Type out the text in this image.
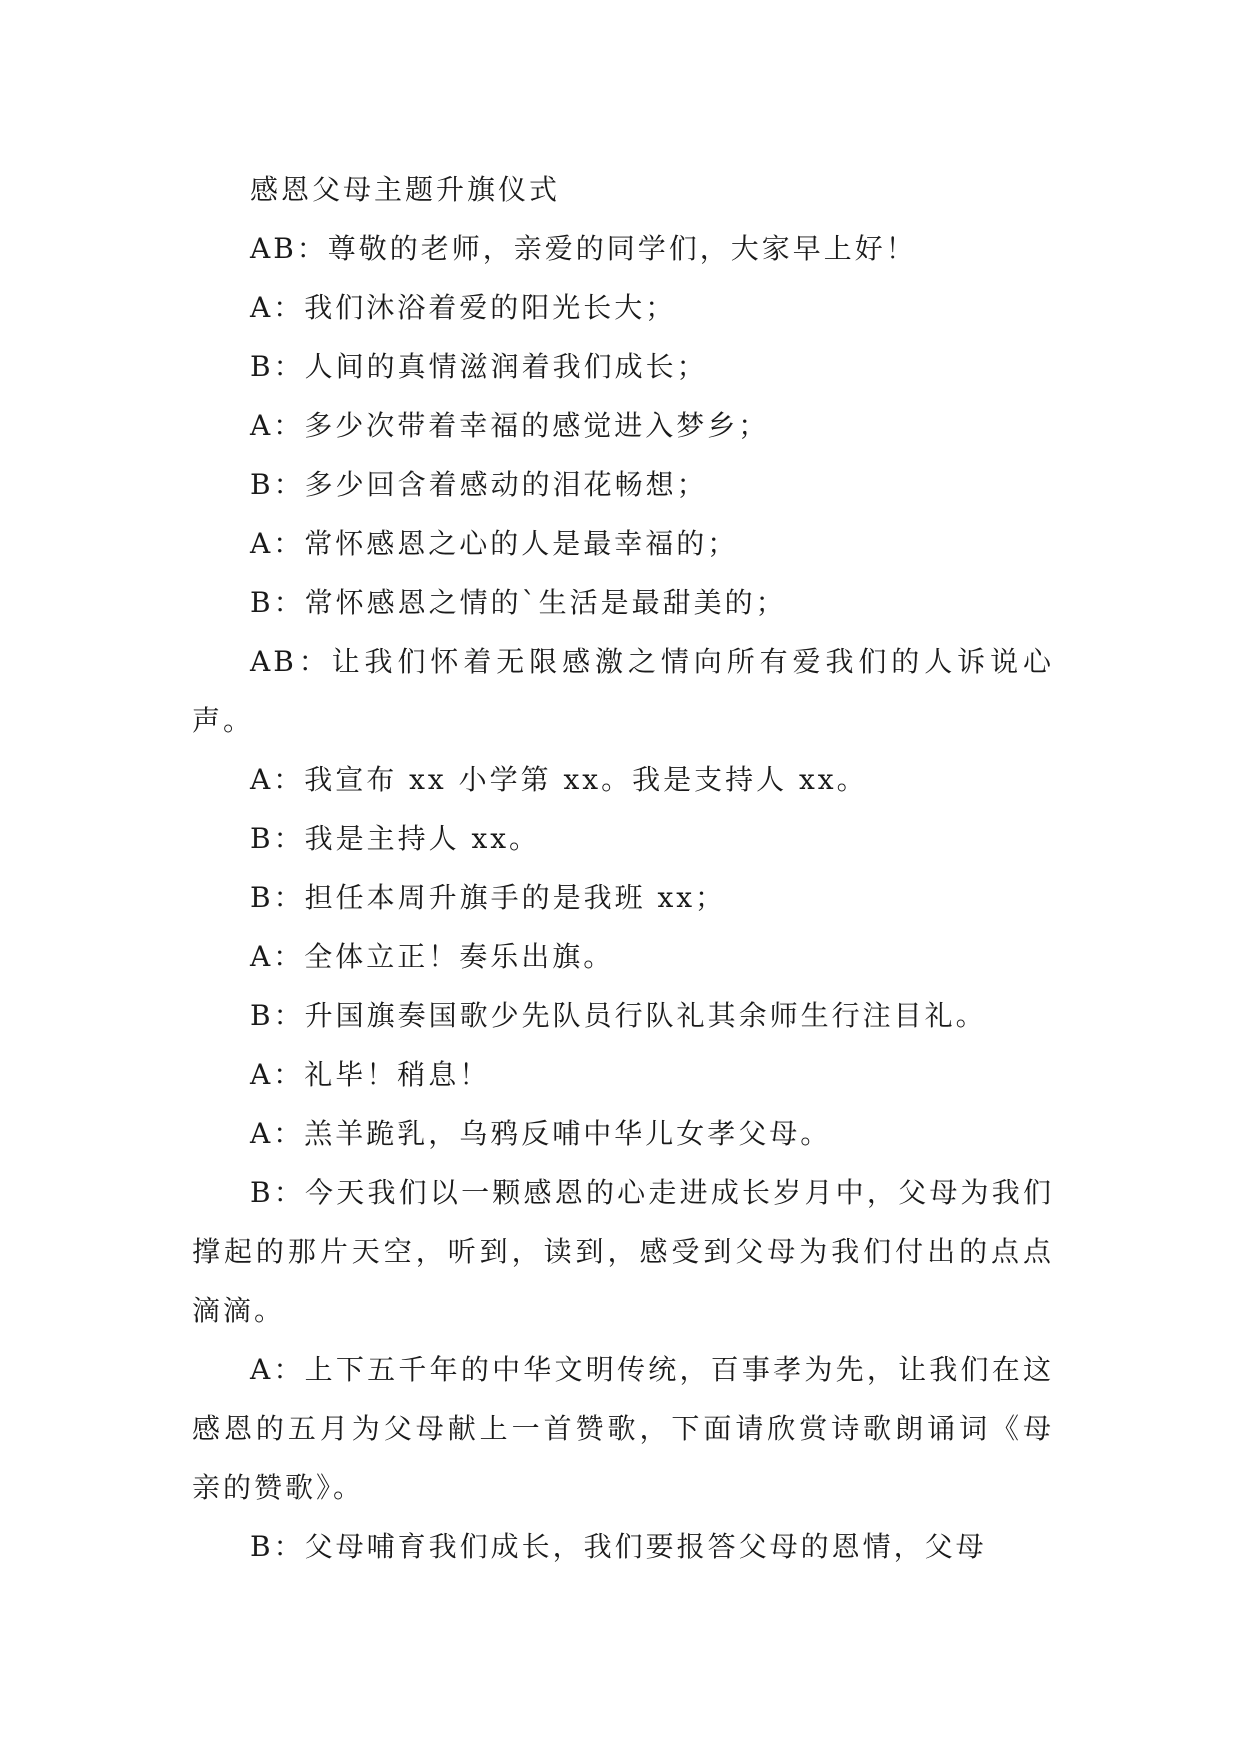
感恩父母主题升旗仪式

AB：尊敬的老师，亲爱的同学们，大家早上好！

A：我们沐浴着爱的阳光长大；

B：人间的真情滋润着我们成长；

A：多少次带着幸福的感觉进入梦乡；

B：多少回含着感动的泪花畅想；

A：常怀感恩之心的人是最幸福的；

B：常怀感恩之情的`生活是最甜美的；

AB：让我们怀着无限感激之情向所有爱我们的人诉说心声。

A：我宣布 xx 小学第 xx。我是支持人 xx。

B：我是主持人 xx。

B：担任本周升旗手的是我班 xx；

A：全体立正！奏乐出旗。

B：升国旗奏国歌少先队员行队礼其余师生行注目礼。

A：礼毕！稍息！

A：羔羊跪乳，乌鸦反哺中华儿女孝父母。

B：今天我们以一颗感恩的心走进成长岁月中，父母为我们撑起的那片天空，听到，读到，感受到父母为我们付出的点点滴滴。

A：上下五千年的中华文明传统，百事孝为先，让我们在这感恩的五月为父母献上一首赞歌，下面请欣赏诗歌朗诵词《母亲的赞歌》。

B：父母哺育我们成长，我们要报答父母的恩情，父母
